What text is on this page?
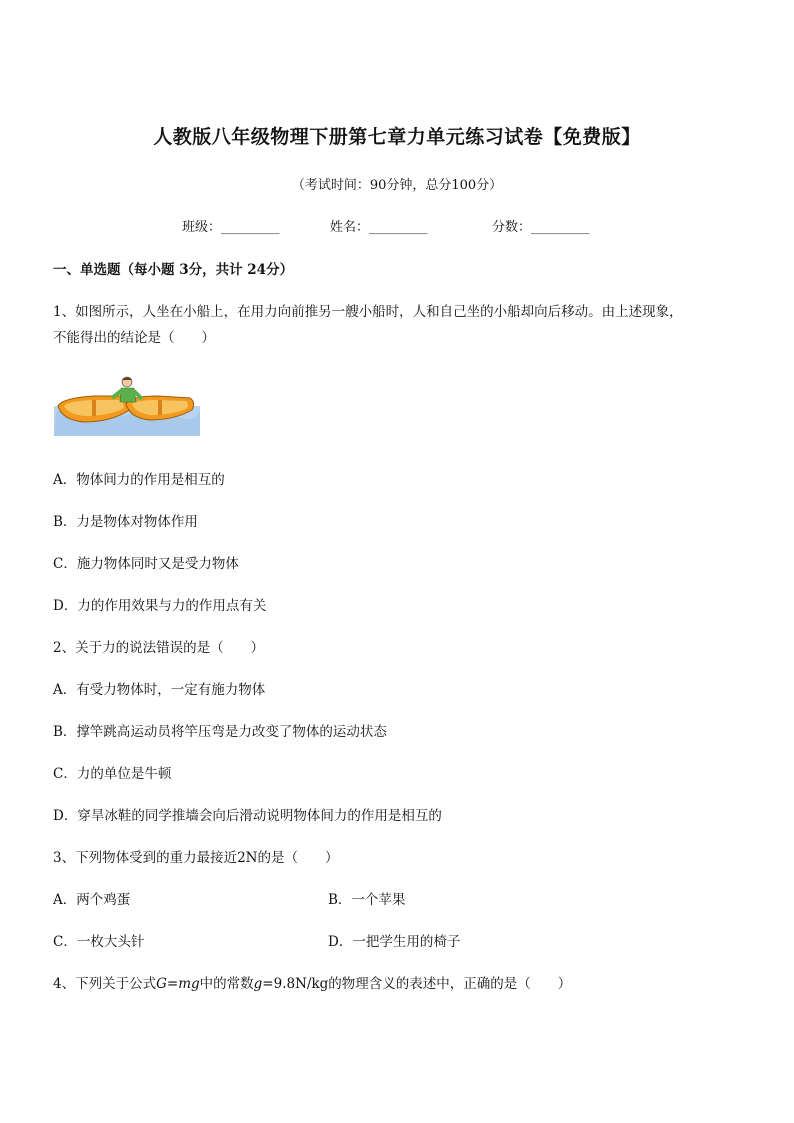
人教版八年级物理下册第七章力单元练习试卷【免费版】
（考试时间：90分钟，总分100分）
班级：_________	姓名：_________	分数：_________
一、单选题（每小题 3分，共计 24分）
1、如图所示，人坐在小船上，在用力向前推另一艘小船时，人和自己坐的小船却向后移动。由上述现象，
不能得出的结论是（　　）
A．物体间力的作用是相互的
B．力是物体对物体作用
C．施力物体同时又是受力物体
D．力的作用效果与力的作用点有关
2、关于力的说法错误的是（　　）
A．有受力物体时，一定有施力物体
B．撑竿跳高运动员将竿压弯是力改变了物体的运动状态
C．力的单位是牛顿
D．穿旱冰鞋的同学推墙会向后滑动说明物体间力的作用是相互的
3、下列物体受到的重力最接近2N的是（　　）
A．两个鸡蛋	B．一个苹果
C．一枚大头针	D．一把学生用的椅子
4、下列关于公式G=mg中的常数g=9.8N/kg的物理含义的表述中，正确的是（　　）
